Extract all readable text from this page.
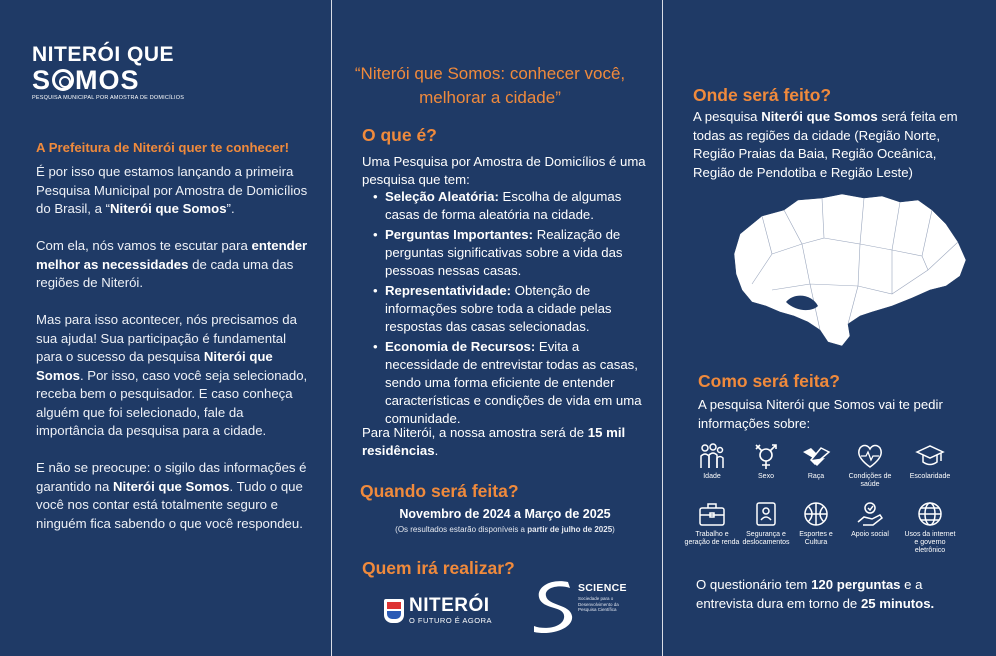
NITERÓI QUE
S MOS
PESQUISA MUNICIPAL POR AMOSTRA DE DOMICÍLIOS
A Prefeitura de Niterói quer te conhecer!

É por isso que estamos lançando a primeira Pesquisa Municipal por Amostra de Domicílios do Brasil, a “Niterói que Somos”.

Com ela, nós vamos te escutar para entender melhor as necessidades de cada uma das regiões de Niterói.

Mas para isso acontecer, nós precisamos da sua ajuda! Sua participação é fundamental para o sucesso da pesquisa Niterói que Somos. Por isso, caso você seja selecionado, receba bem o pesquisador. E caso conheça alguém que foi selecionado, fale da importância da pesquisa para a cidade.

E não se preocupe: o sigilo das informações é garantido na Niterói que Somos. Tudo o que você nos contar está totalmente seguro e ninguém fica sabendo o que você respondeu.

“Niterói que Somos: conhecer você, melhorar a cidade”
O que é?
Uma Pesquisa por Amostra de Domicílios é uma pesquisa que tem:
• Seleção Aleatória: Escolha de algumas casas de forma aleatória na cidade.
• Perguntas Importantes: Realização de perguntas significativas sobre a vida das pessoas nessas casas.
• Representatividade: Obtenção de informações sobre toda a cidade pelas respostas das casas selecionadas.
• Economia de Recursos: Evita a necessidade de entrevistar todas as casas, sendo uma forma eficiente de entender características e condições de vida em uma comunidade.
Para Niterói, a nossa amostra será de 15 mil residências.
Quando será feita?
Novembro de 2024 a Março de 2025
(Os resultados estarão disponíveis a partir de julho de 2025)
Quem irá realizar?
NITERÓI
O FUTURO É AGORA
SCIENCE
Sociedade para o Desenvolvimento da Pesquisa Científica
Onde será feito?
A pesquisa Niterói que Somos será feita em todas as regiões da cidade (Região Norte, Região Praias da Baia, Região Oceânica, Região de Pendotiba e Região Leste)
Como será feita?
A pesquisa Niterói que Somos vai te pedir informações sobre:
Idade	Sexo	Raça	Condições de saúde
Escolaridade
Trabalho e geração de renda
Segurança e deslocamentos
Esportes e Cultura
Apoio social	Usos da internet e governo eletrônico
O questionário tem 120 perguntas e a entrevista dura em torno de 25 minutos.
